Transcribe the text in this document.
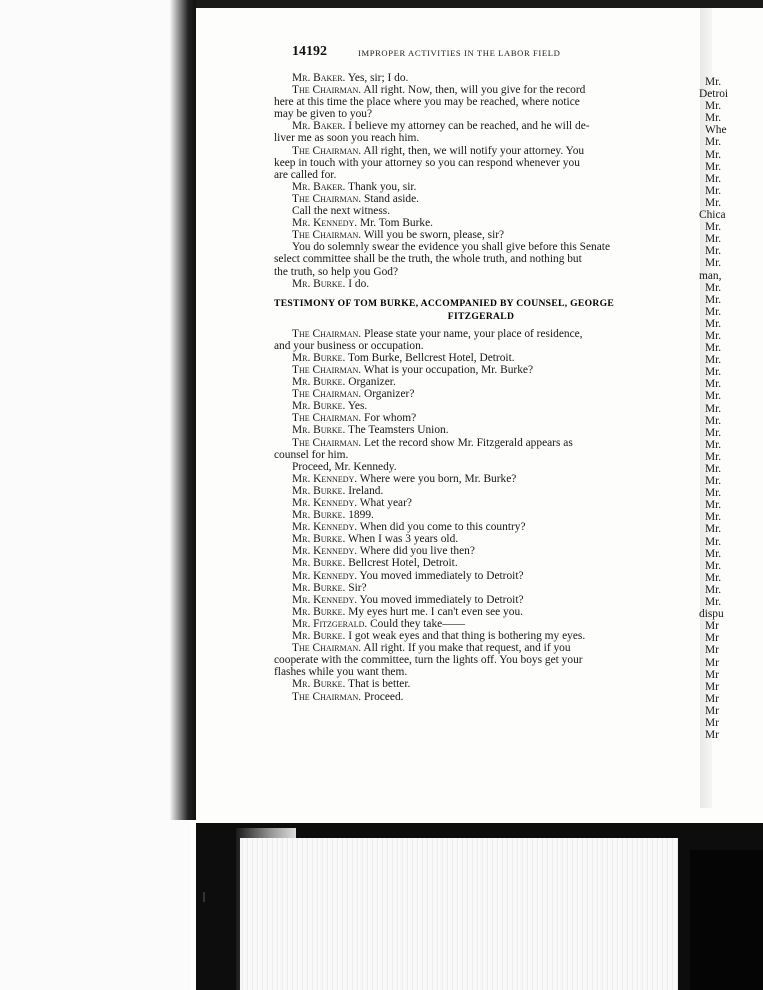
14192	IMPROPER ACTIVITIES IN THE LABOR FIELD
Mr. Baker. Yes, sir; I do.
The Chairman. All right. Now, then, will you give for the record
here at this time the place where you may be reached, where notice
may be given to you?
Mr. Baker. I believe my attorney can be reached, and he will de-
liver me as soon you reach him.
The Chairman. All right, then, we will notify your attorney. You
keep in touch with your attorney so you can respond whenever you
are called for.
Mr. Baker. Thank you, sir.
The Chairman. Stand aside.
Call the next witness.
Mr. Kennedy. Mr. Tom Burke.
The Chairman. Will you be sworn, please, sir?
You do solemnly swear the evidence you shall give before this Senate
select committee shall be the truth, the whole truth, and nothing but
the truth, so help you God?
Mr. Burke. I do.
TESTIMONY OF TOM BURKE, ACCOMPANIED BY COUNSEL, GEORGE
FITZGERALD
The Chairman. Please state your name, your place of residence,
and your business or occupation.
Mr. Burke. Tom Burke, Bellcrest Hotel, Detroit.
The Chairman. What is your occupation, Mr. Burke?
Mr. Burke. Organizer.
The Chairman. Organizer?
Mr. Burke. Yes.
The Chairman. For whom?
Mr. Burke. The Teamsters Union.
The Chairman. Let the record show Mr. Fitzgerald appears as
counsel for him.
Proceed, Mr. Kennedy.
Mr. Kennedy. Where were you born, Mr. Burke?
Mr. Burke. Ireland.
Mr. Kennedy. What year?
Mr. Burke. 1899.
Mr. Kennedy. When did you come to this country?
Mr. Burke. When I was 3 years old.
Mr. Kennedy. Where did you live then?
Mr. Burke. Bellcrest Hotel, Detroit.
Mr. Kennedy. You moved immediately to Detroit?
Mr. Burke. Sir?
Mr. Kennedy. You moved immediately to Detroit?
Mr. Burke. My eyes hurt me. I can't even see you.
Mr. Fitzgerald. Could they take——
Mr. Burke. I got weak eyes and that thing is bothering my eyes.
The Chairman. All right. If you make that request, and if you
cooperate with the committee, turn the lights off. You boys get your
flashes while you want them.
Mr. Burke. That is better.
The Chairman. Proceed.
Mr.
Detroi
Mr.
Mr.
Whe
Mr.
Mr.
Mr.
Mr.
Mr.
Mr.
Chica
Mr.
Mr.
Mr.
Mr.
man,
Mr.
Mr.
Mr.
Mr.
Mr.
Mr.
Mr.
Mr.
Mr.
Mr.
Mr.
Mr.
Mr.
Mr.
Mr.
Mr.
Mr.
Mr.
Mr.
Mr.
Mr.
Mr.
Mr.
Mr.
Mr.
Mr.
Mr.
dispu
Mr
Mr
Mr
Mr
Mr
Mr
Mr
Mr
Mr
Mr
